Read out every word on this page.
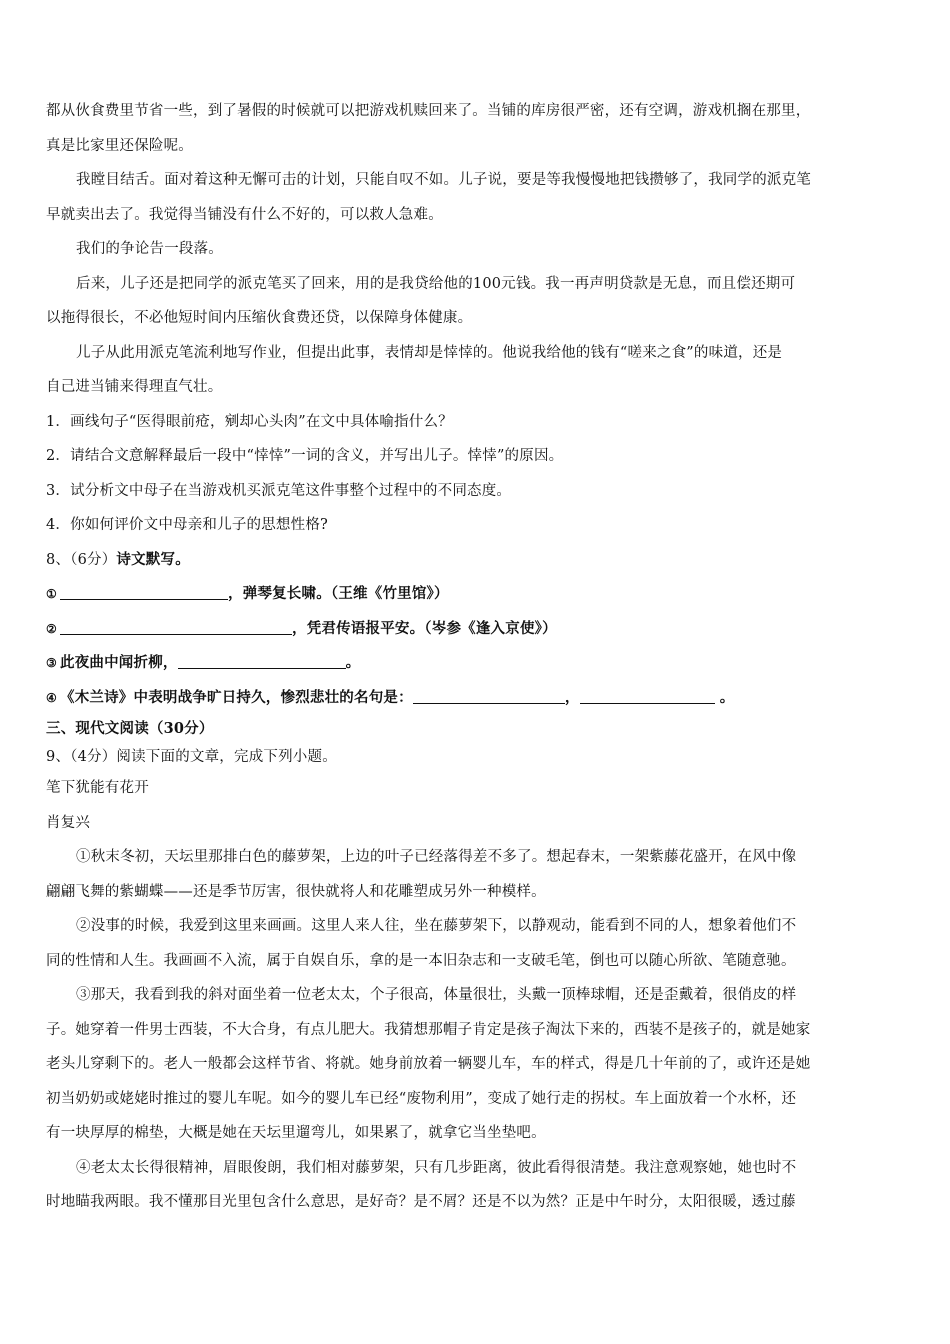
都从伙食费里节省一些，到了暑假的时候就可以把游戏机赎回来了。当铺的库房很严密，还有空调，游戏机搁在那里，
真是比家里还保险呢。
我瞠目结舌。面对着这种无懈可击的计划，只能自叹不如。儿子说，要是等我慢慢地把钱攒够了，我同学的派克笔
早就卖出去了。我觉得当铺没有什么不好的，可以救人急难。
我们的争论告一段落。
后来，儿子还是把同学的派克笔买了回来，用的是我贷给他的100元钱。我一再声明贷款是无息，而且偿还期可
以拖得很长，不必他短时间内压缩伙食费还贷，以保障身体健康。
儿子从此用派克笔流利地写作业，但提出此事，表情却是悻悻的。他说我给他的钱有“嗟来之食”的味道，还是
自己进当铺来得理直气壮。
1．画线句子“医得眼前疮，剜却心头肉”在文中具体喻指什么？
2．请结合文意解释最后一段中“悻悻”一词的含义，并写出儿子。悻悻”的原因。
3．试分析文中母子在当游戏机买派克笔这件事整个过程中的不同态度。
4．你如何评价文中母亲和儿子的思想性格?
8、（6分）诗文默写。
①	，弹琴复长啸。（王维《竹里馆》）
②	，凭君传语报平安。（岑参《逢入京使》）
③ 此夜曲中闻折柳，	。
④ 《木兰诗》中表明战争旷日持久，惨烈悲壮的名句是：	，	。
三、现代文阅读（30分）
9、（4分）阅读下面的文章，完成下列小题。
笔下犹能有花开
肖复兴
①秋末冬初，天坛里那排白色的藤萝架，上边的叶子已经落得差不多了。想起春末，一架紫藤花盛开，在风中像
翩翩飞舞的紫蝴蝶——还是季节厉害，很快就将人和花雕塑成另外一种模样。
②没事的时候，我爱到这里来画画。这里人来人往，坐在藤萝架下，以静观动，能看到不同的人，想象着他们不
同的性情和人生。我画画不入流，属于自娱自乐，拿的是一本旧杂志和一支破毛笔，倒也可以随心所欲、笔随意驰。
③那天，我看到我的斜对面坐着一位老太太，个子很高，体量很壮，头戴一顶棒球帽，还是歪戴着，很俏皮的样
子。她穿着一件男士西装，不大合身，有点儿肥大。我猜想那帽子肯定是孩子淘汰下来的，西装不是孩子的，就是她家
老头儿穿剩下的。老人一般都会这样节省、将就。她身前放着一辆婴儿车，车的样式，得是几十年前的了，或许还是她
初当奶奶或姥姥时推过的婴儿车呢。如今的婴儿车已经“废物利用”，变成了她行走的拐杖。车上面放着一个水杯，还
有一块厚厚的棉垫，大概是她在天坛里遛弯儿，如果累了，就拿它当坐垫吧。
④老太太长得很精神，眉眼俊朗，我们相对藤萝架，只有几步距离，彼此看得很清楚。我注意观察她，她也时不
时地瞄我两眼。我不懂那目光里包含什么意思，是好奇？是不屑？还是不以为然？正是中午时分，太阳很暖，透过藤
